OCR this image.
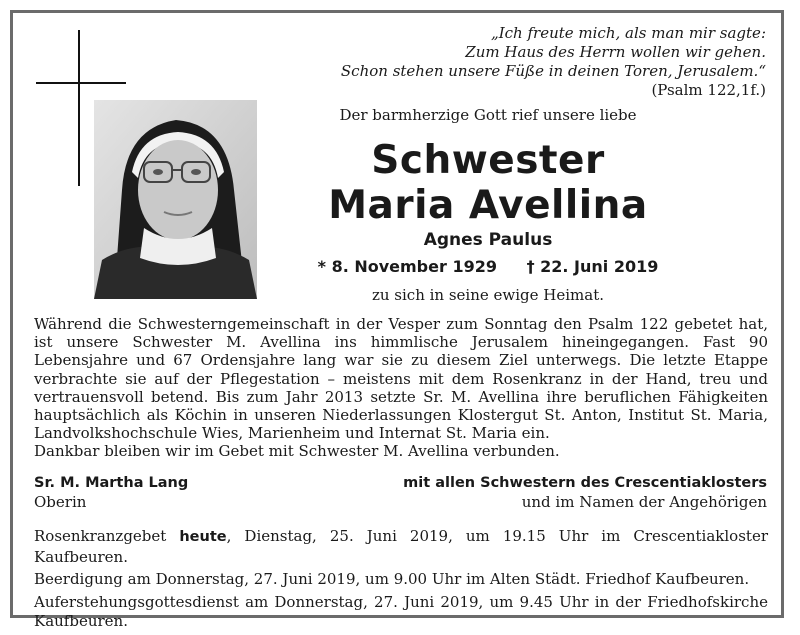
„Ich freute mich, als man mir sagte:
Zum Haus des Herrn wollen wir gehen.
Schon stehen unsere Füße in deinen Toren, Jerusalem.“
(Psalm 122,1f.)
Der barmherzige Gott rief unsere liebe
Schwester
Maria Avellina
Agnes Paulus
* 8. November 1929 † 22. Juni 2019
zu sich in seine ewige Heimat.

Während die Schwesterngemeinschaft in der Vesper zum Sonntag den Psalm 122 gebetet hat, ist unsere Schwester M. Avellina ins himmlische Jerusalem hineingegangen. Fast 90 Lebensjahre und 67 Ordensjahre lang war sie zu diesem Ziel unterwegs. Die letzte Etappe verbrachte sie auf der Pflegestation – meistens mit dem Rosenkranz in der Hand, treu und vertrauensvoll betend. Bis zum Jahr 2013 setzte Sr. M. Avellina ihre beruflichen Fähigkeiten hauptsächlich als Köchin in unseren Niederlassungen Klostergut St. Anton, Institut St. Maria, Landvolkshochschule Wies, Marienheim und Internat St. Maria ein.

Dankbar bleiben wir im Gebet mit Schwester M. Avellina verbunden.
Sr. M. Martha Lang
Oberin
mit allen Schwestern des Crescentiaklosters
und im Namen der Angehörigen

Rosenkranzgebet heute, Dienstag, 25. Juni 2019, um 19.15 Uhr im Crescentiakloster Kaufbeuren.

Beerdigung am Donnerstag, 27. Juni 2019, um 9.00 Uhr im Alten Städt. Friedhof Kaufbeuren.

Auferstehungsgottesdienst am Donnerstag, 27. Juni 2019, um 9.45 Uhr in der Friedhofskirche Kaufbeuren.
